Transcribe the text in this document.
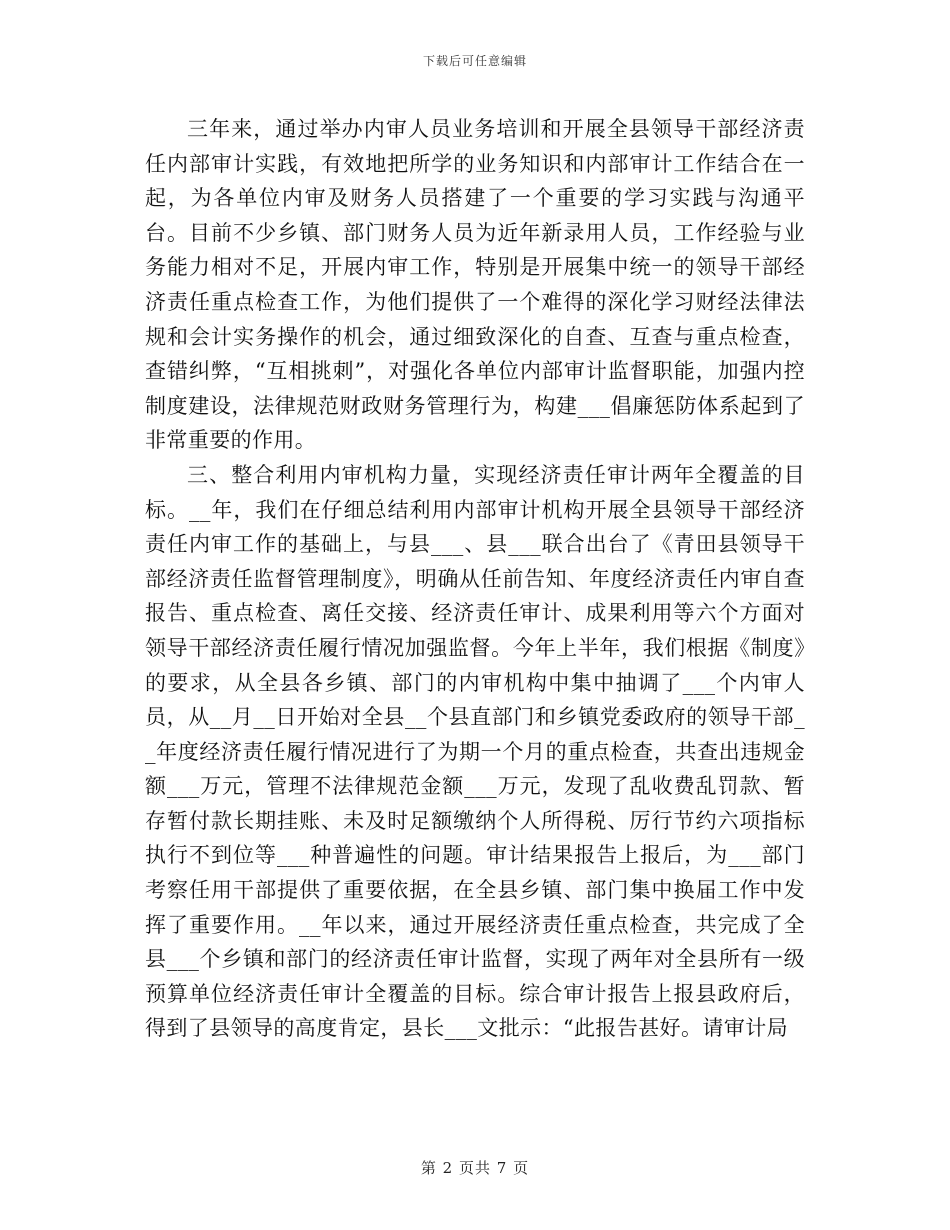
下载后可任意编辑

三年来，通过举办内审人员业务培训和开展全县领导干部经济责任内部审计实践，有效地把所学的业务知识和内部审计工作结合在一起，为各单位内审及财务人员搭建了一个重要的学习实践与沟通平台。目前不少乡镇、部门财务人员为近年新录用人员，工作经验与业务能力相对不足，开展内审工作，特别是开展集中统一的领导干部经济责任重点检查工作，为他们提供了一个难得的深化学习财经法律法规和会计实务操作的机会，通过细致深化的自查、互查与重点检查，查错纠弊，“互相挑刺”，对强化各单位内部审计监督职能，加强内控制度建设，法律规范财政财务管理行为，构建___倡廉惩防体系起到了非常重要的作用。

三、整合利用内审机构力量，实现经济责任审计两年全覆盖的目标。__年，我们在仔细总结利用内部审计机构开展全县领导干部经济责任内审工作的基础上，与县___、县___联合出台了《青田县领导干部经济责任监督管理制度》，明确从任前告知、年度经济责任内审自查报告、重点检查、离任交接、经济责任审计、成果利用等六个方面对领导干部经济责任履行情况加强监督。今年上半年，我们根据《制度》的要求，从全县各乡镇、部门的内审机构中集中抽调了___个内审人员，从__月__日开始对全县__个县直部门和乡镇党委政府的领导干部__年度经济责任履行情况进行了为期一个月的重点检查，共查出违规金额___万元，管理不法律规范金额___万元，发现了乱收费乱罚款、暂存暂付款长期挂账、未及时足额缴纳个人所得税、厉行节约六项指标执行不到位等___种普遍性的问题。审计结果报告上报后，为___部门考察任用干部提供了重要依据，在全县乡镇、部门集中换届工作中发挥了重要作用。__年以来，通过开展经济责任重点检查，共完成了全县___个乡镇和部门的经济责任审计监督，实现了两年对全县所有一级预算单位经济责任审计全覆盖的目标。综合审计报告上报县政府后，得到了县领导的高度肯定，县长___文批示：“此报告甚好。请审计局

第 2 页共 7 页
